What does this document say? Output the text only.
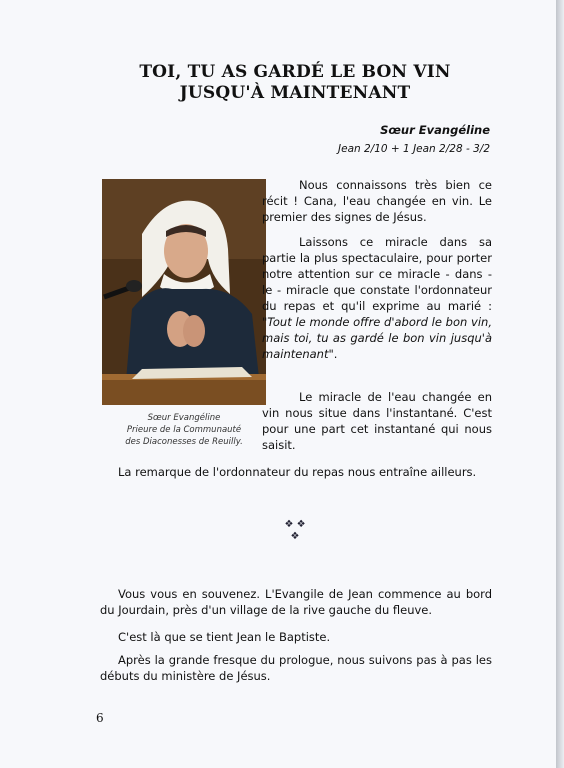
TOI, TU AS GARDÉ LE BON VIN
JUSQU'À MAINTENANT
Sœur Evangéline
Jean 2/10 + 1 Jean 2/28 - 3/2
Sœur Evangéline
Prieure de la Communauté
des Diaconesses de Reuilly.

Nous connaissons très bien ce récit ! Cana, l'eau changée en vin. Le premier des signes de Jésus.

Laissons ce miracle dans sa partie la plus spectaculaire, pour porter notre attention sur ce miracle - dans - le - miracle que constate l'ordonnateur du repas et qu'il exprime au marié : "Tout le monde offre d'abord le bon vin, mais toi, tu as gardé le bon vin jusqu'à maintenant".

Le miracle de l'eau changée en vin nous situe dans l'instantané. C'est pour une part cet instantané qui nous saisit.

La remarque de l'ordonnateur du repas nous entraîne ailleurs.

❖ ❖
❖

Vous vous en souvenez. L'Evangile de Jean commence au bord du Jourdain, près d'un village de la rive gauche du fleuve.

C'est là que se tient Jean le Baptiste.

Après la grande fresque du prologue, nous suivons pas à pas les débuts du ministère de Jésus.

6
